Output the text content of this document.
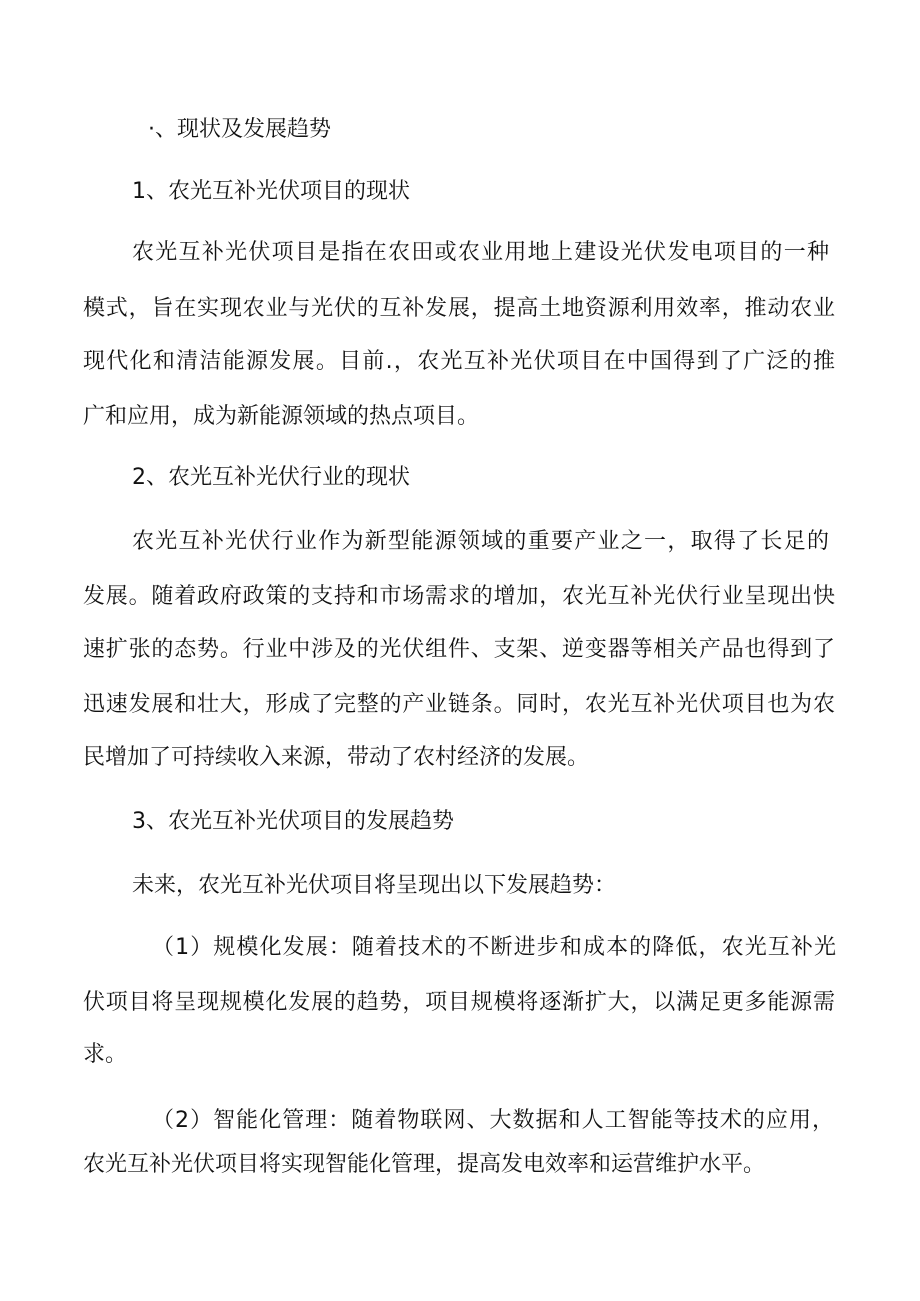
·、现状及发展趋势
1、农光互补光伏项目的现状
农光互补光伏项目是指在农田或农业用地上建设光伏发电项目的一种
模式，旨在实现农业与光伏的互补发展，提高土地资源利用效率，推动农业
现代化和清洁能源发展。目前.，农光互补光伏项目在中国得到了广泛的推
广和应用，成为新能源领域的热点项目。
2、农光互补光伏行业的现状
农光互补光伏行业作为新型能源领域的重要产业之一，取得了长足的
发展。随着政府政策的支持和市场需求的增加，农光互补光伏行业呈现出快
速扩张的态势。行业中涉及的光伏组件、支架、逆变器等相关产品也得到了
迅速发展和壮大，形成了完整的产业链条。同时，农光互补光伏项目也为农
民增加了可持续收入来源，带动了农村经济的发展。
3、农光互补光伏项目的发展趋势
未来，农光互补光伏项目将呈现出以下发展趋势：
（1）规模化发展：随着技术的不断进步和成本的降低，农光互补光
伏项目将呈现规模化发展的趋势，项目规模将逐渐扩大，以满足更多能源需
求。
（2）智能化管理：随着物联网、大数据和人工智能等技术的应用，
农光互补光伏项目将实现智能化管理，提高发电效率和运营维护水平。
